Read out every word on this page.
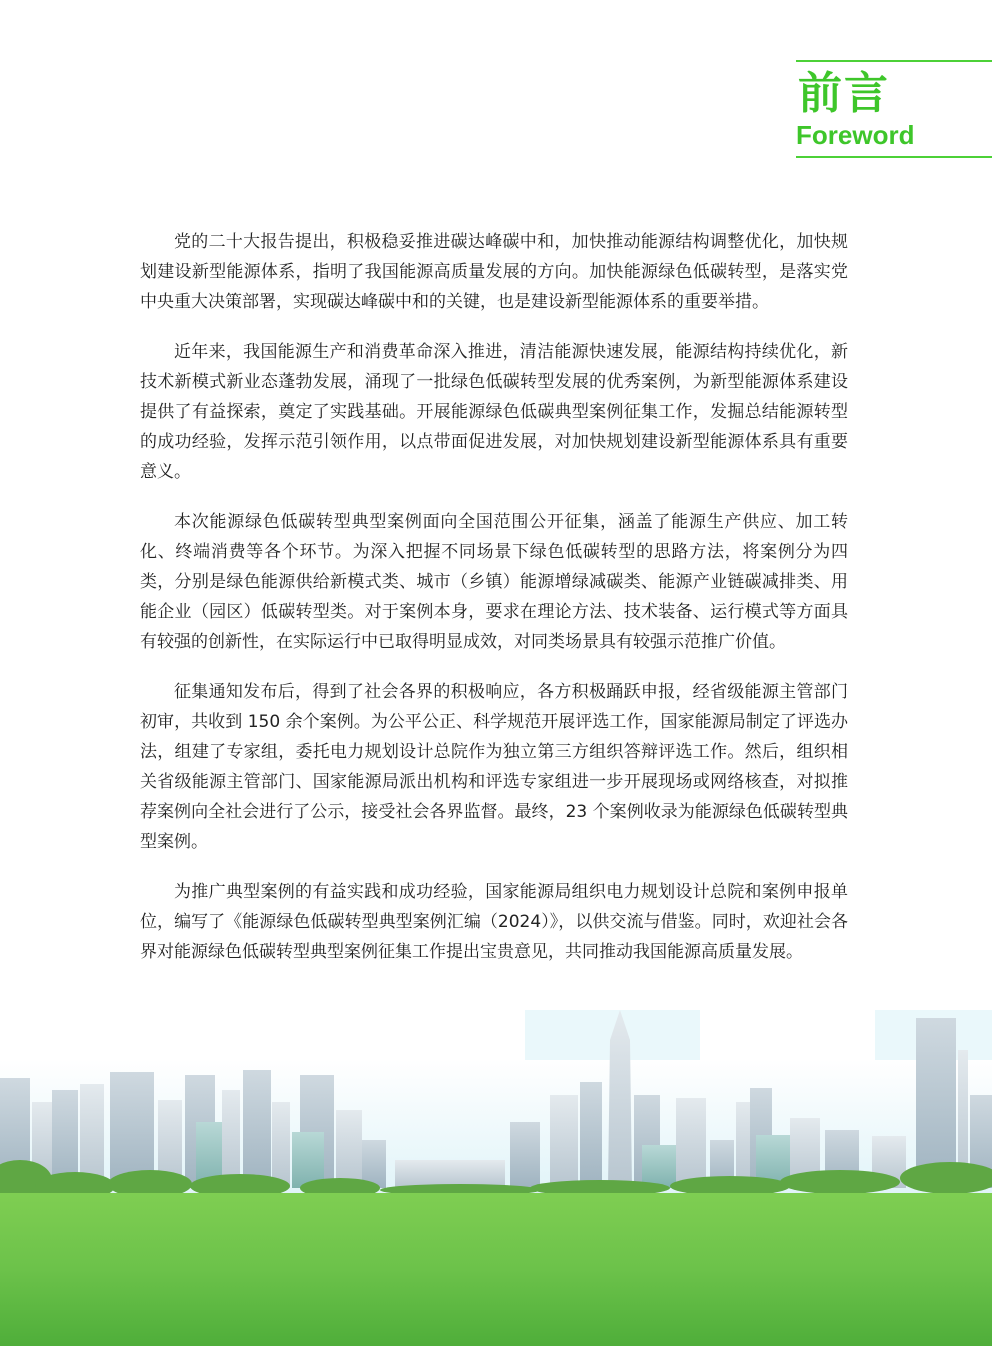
前言
Foreword

党的二十大报告提出，积极稳妥推进碳达峰碳中和，加快推动能源结构调整优化，加快规划建设新型能源体系，指明了我国能源高质量发展的方向。加快能源绿色低碳转型，是落实党中央重大决策部署，实现碳达峰碳中和的关键，也是建设新型能源体系的重要举措。

近年来，我国能源生产和消费革命深入推进，清洁能源快速发展，能源结构持续优化，新技术新模式新业态蓬勃发展，涌现了一批绿色低碳转型发展的优秀案例，为新型能源体系建设提供了有益探索，奠定了实践基础。开展能源绿色低碳典型案例征集工作，发掘总结能源转型的成功经验，发挥示范引领作用，以点带面促进发展，对加快规划建设新型能源体系具有重要意义。

本次能源绿色低碳转型典型案例面向全国范围公开征集，涵盖了能源生产供应、加工转化、终端消费等各个环节。为深入把握不同场景下绿色低碳转型的思路方法，将案例分为四类，分别是绿色能源供给新模式类、城市（乡镇）能源增绿减碳类、能源产业链碳减排类、用能企业（园区）低碳转型类。对于案例本身，要求在理论方法、技术装备、运行模式等方面具有较强的创新性，在实际运行中已取得明显成效，对同类场景具有较强示范推广价值。

征集通知发布后，得到了社会各界的积极响应，各方积极踊跃申报，经省级能源主管部门初审，共收到 150 余个案例。为公平公正、科学规范开展评选工作，国家能源局制定了评选办法，组建了专家组，委托电力规划设计总院作为独立第三方组织答辩评选工作。然后，组织相关省级能源主管部门、国家能源局派出机构和评选专家组进一步开展现场或网络核查，对拟推荐案例向全社会进行了公示，接受社会各界监督。最终，23 个案例收录为能源绿色低碳转型典型案例。

为推广典型案例的有益实践和成功经验，国家能源局组织电力规划设计总院和案例申报单位，编写了《能源绿色低碳转型典型案例汇编（2024）》，以供交流与借鉴。同时，欢迎社会各界对能源绿色低碳转型典型案例征集工作提出宝贵意见，共同推动我国能源高质量发展。
